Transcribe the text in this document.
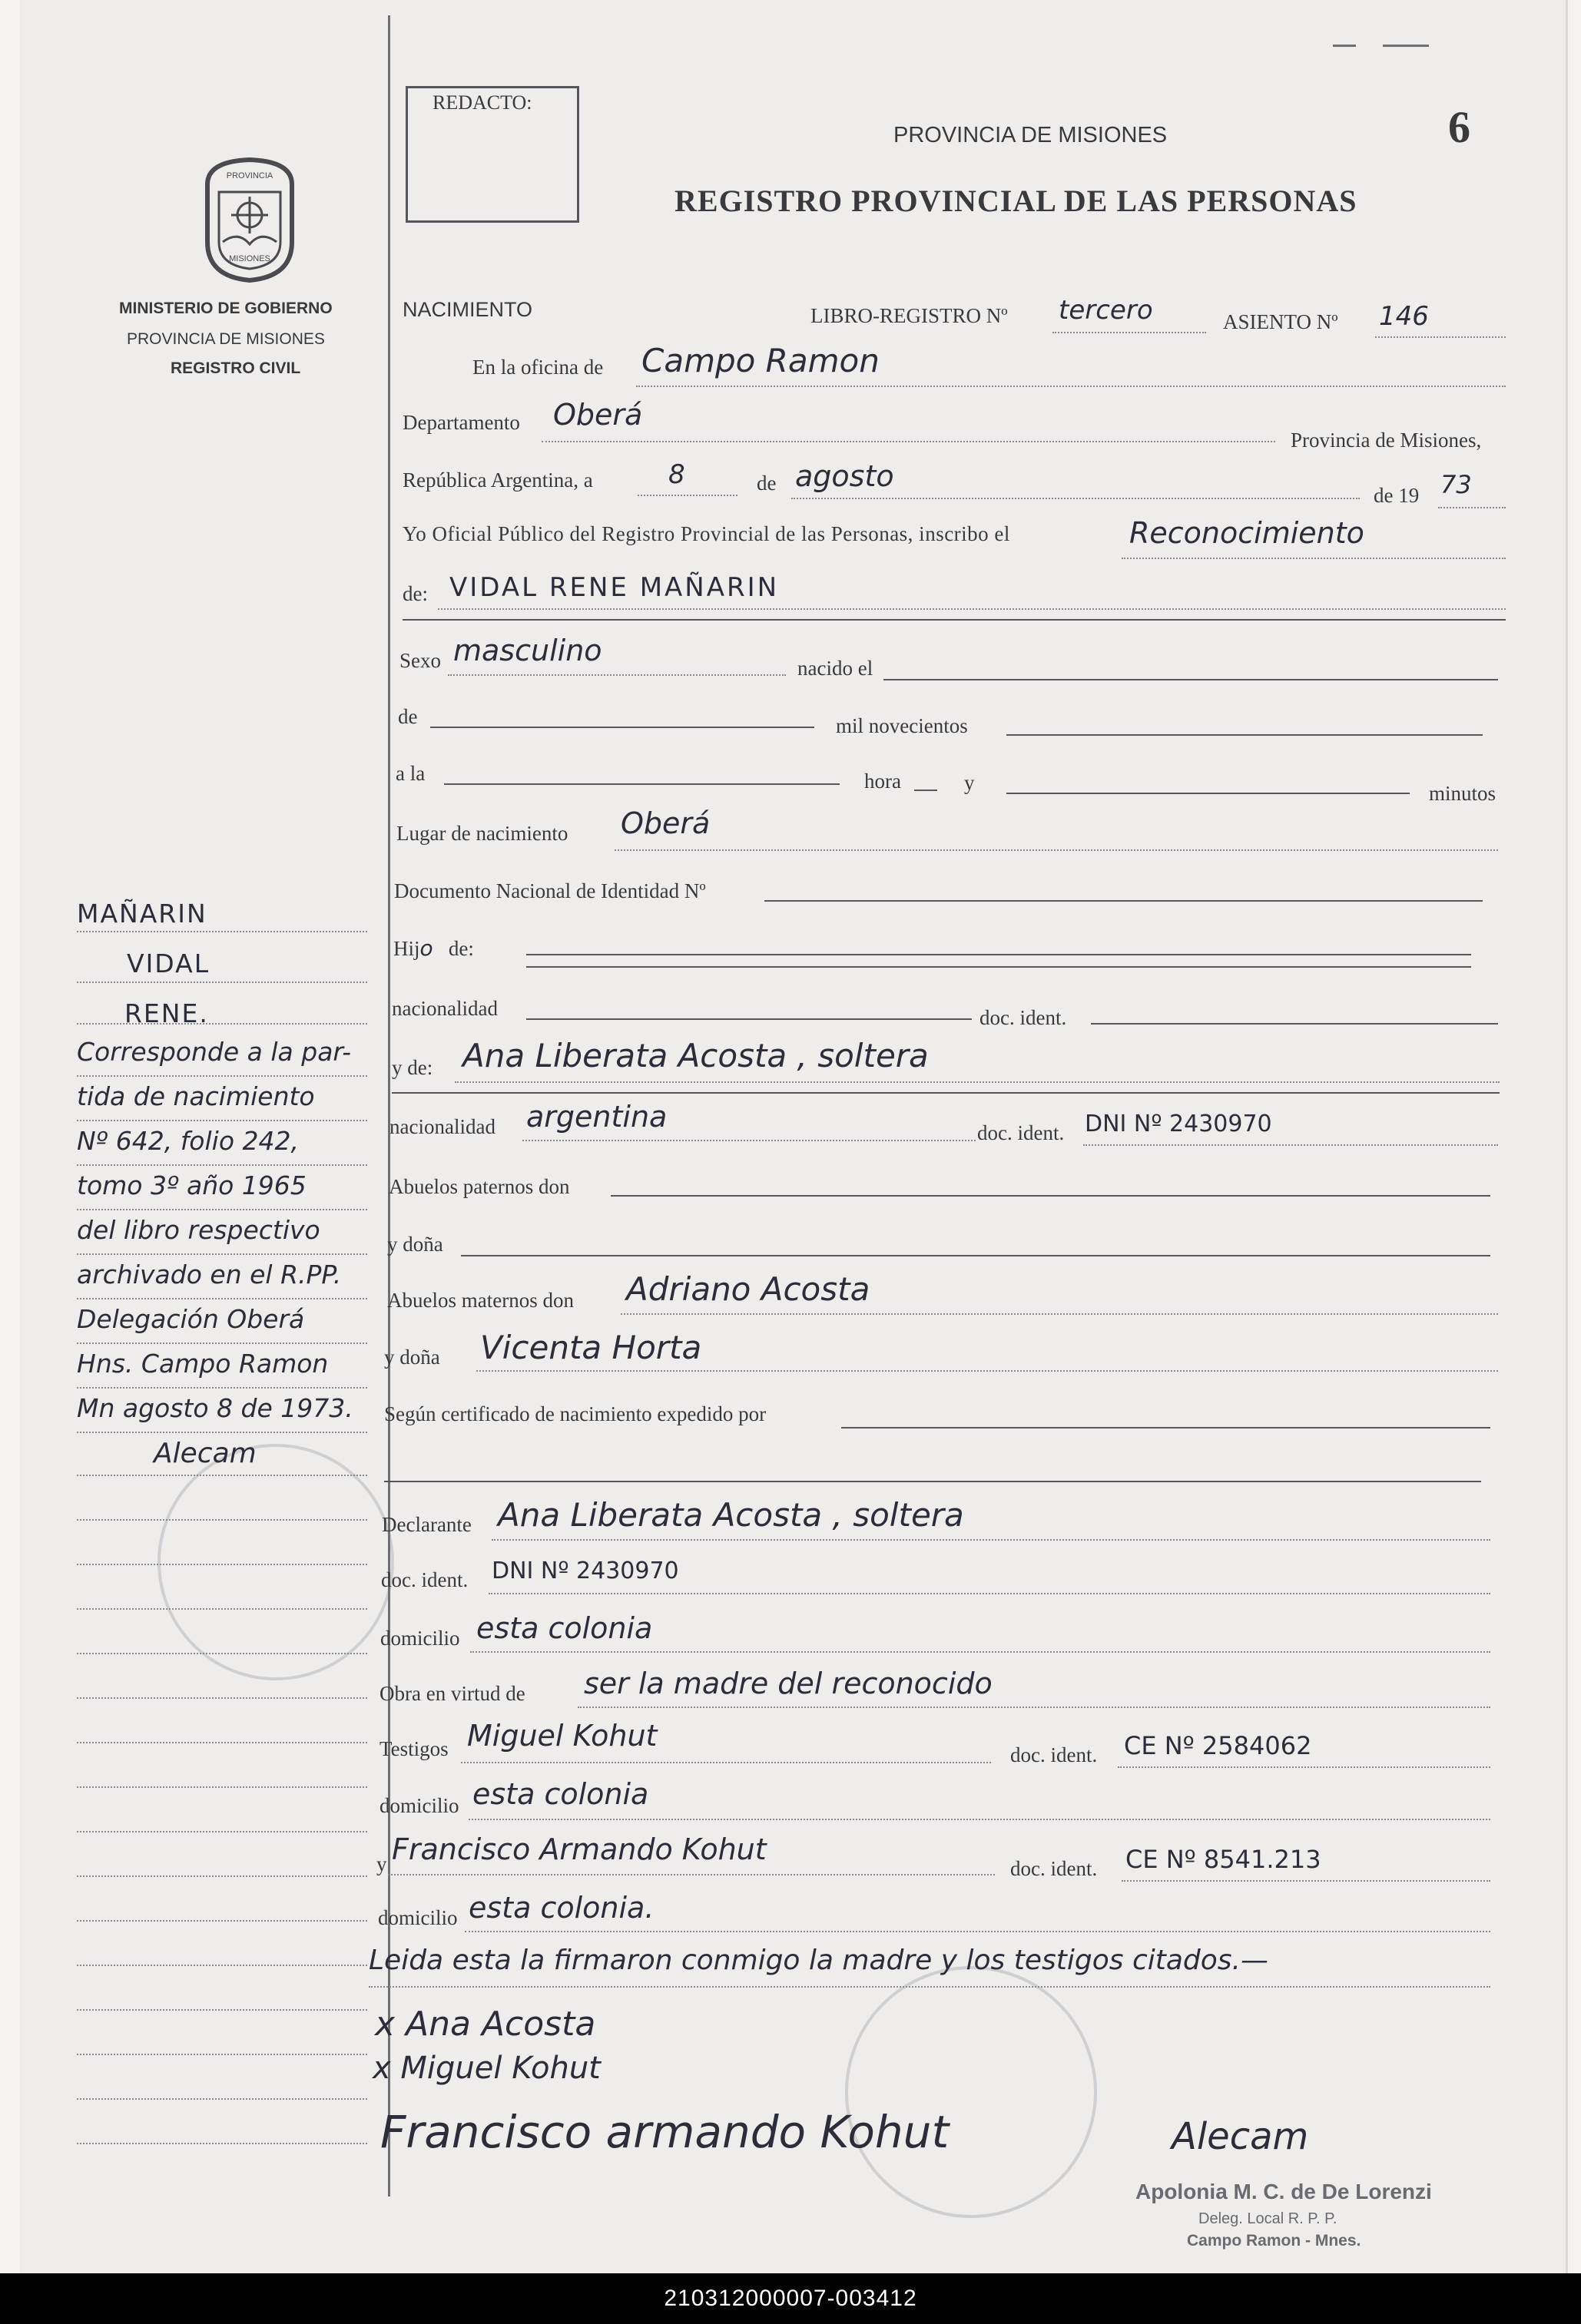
PROVINCIA
MISIONES
MINISTERIO DE GOBIERNO
PROVINCIA DE MISIONES
REGISTRO CIVIL
REDACTO:
PROVINCIA DE MISIONES
REGISTRO PROVINCIAL DE LAS PERSONAS
6
NACIMIENTO	LIBRO-REGISTRO Nº tercero	ASIENTO Nº 146
En la oficina de Campo Ramon
Departamento Oberá
Provincia de Misiones,
República Argentina, a	8	de agosto
de 19 73
Yo Oficial Público del Registro Provincial de las Personas, inscribo el	Reconocimiento
de: VIDAL RENE MAÑARIN
Sexo masculino
nacido el
de	mil novecientos
a la	hora	y	minutos
Lugar de nacimiento Oberá
Documento Nacional de Identidad Nº
Hijo de:
nacionalidad	doc. ident.
y de: Ana Liberata Acosta , soltera
nacionalidad argentina	doc. ident. DNI Nº 2430970
Abuelos paternos don
y doña
Abuelos maternos don Adriano Acosta
y doña Vicenta Horta
Según certificado de nacimiento expedido por
Declarante Ana Liberata Acosta , soltera
doc. ident. DNI Nº 2430970
domicilio esta colonia
Obra en virtud de ser la madre del reconocido
Testigos Miguel Kohut
doc. ident. CE Nº 2584062
domicilio esta colonia
y Francisco Armando Kohut
doc. ident. CE Nº 8541.213
domicilio esta colonia.
Leida esta la firmaron conmigo la madre y los testigos citados.—
x Ana Acosta
x Miguel Kohut
Francisco armando Kohut	Alecam
Apolonia M. C. de De Lorenzi
Deleg. Local R. P. P.
Campo Ramon - Mnes.
MAÑARIN
VIDAL
RENE.
Corresponde a la par-
tida de nacimiento
Nº 642, folio 242,
tomo 3º año 1965
del libro respectivo
archivado en el R.PP.
Delegación Oberá
Hns. Campo Ramon
Mn agosto 8 de 1973.
Alecam
210312000007-003412
